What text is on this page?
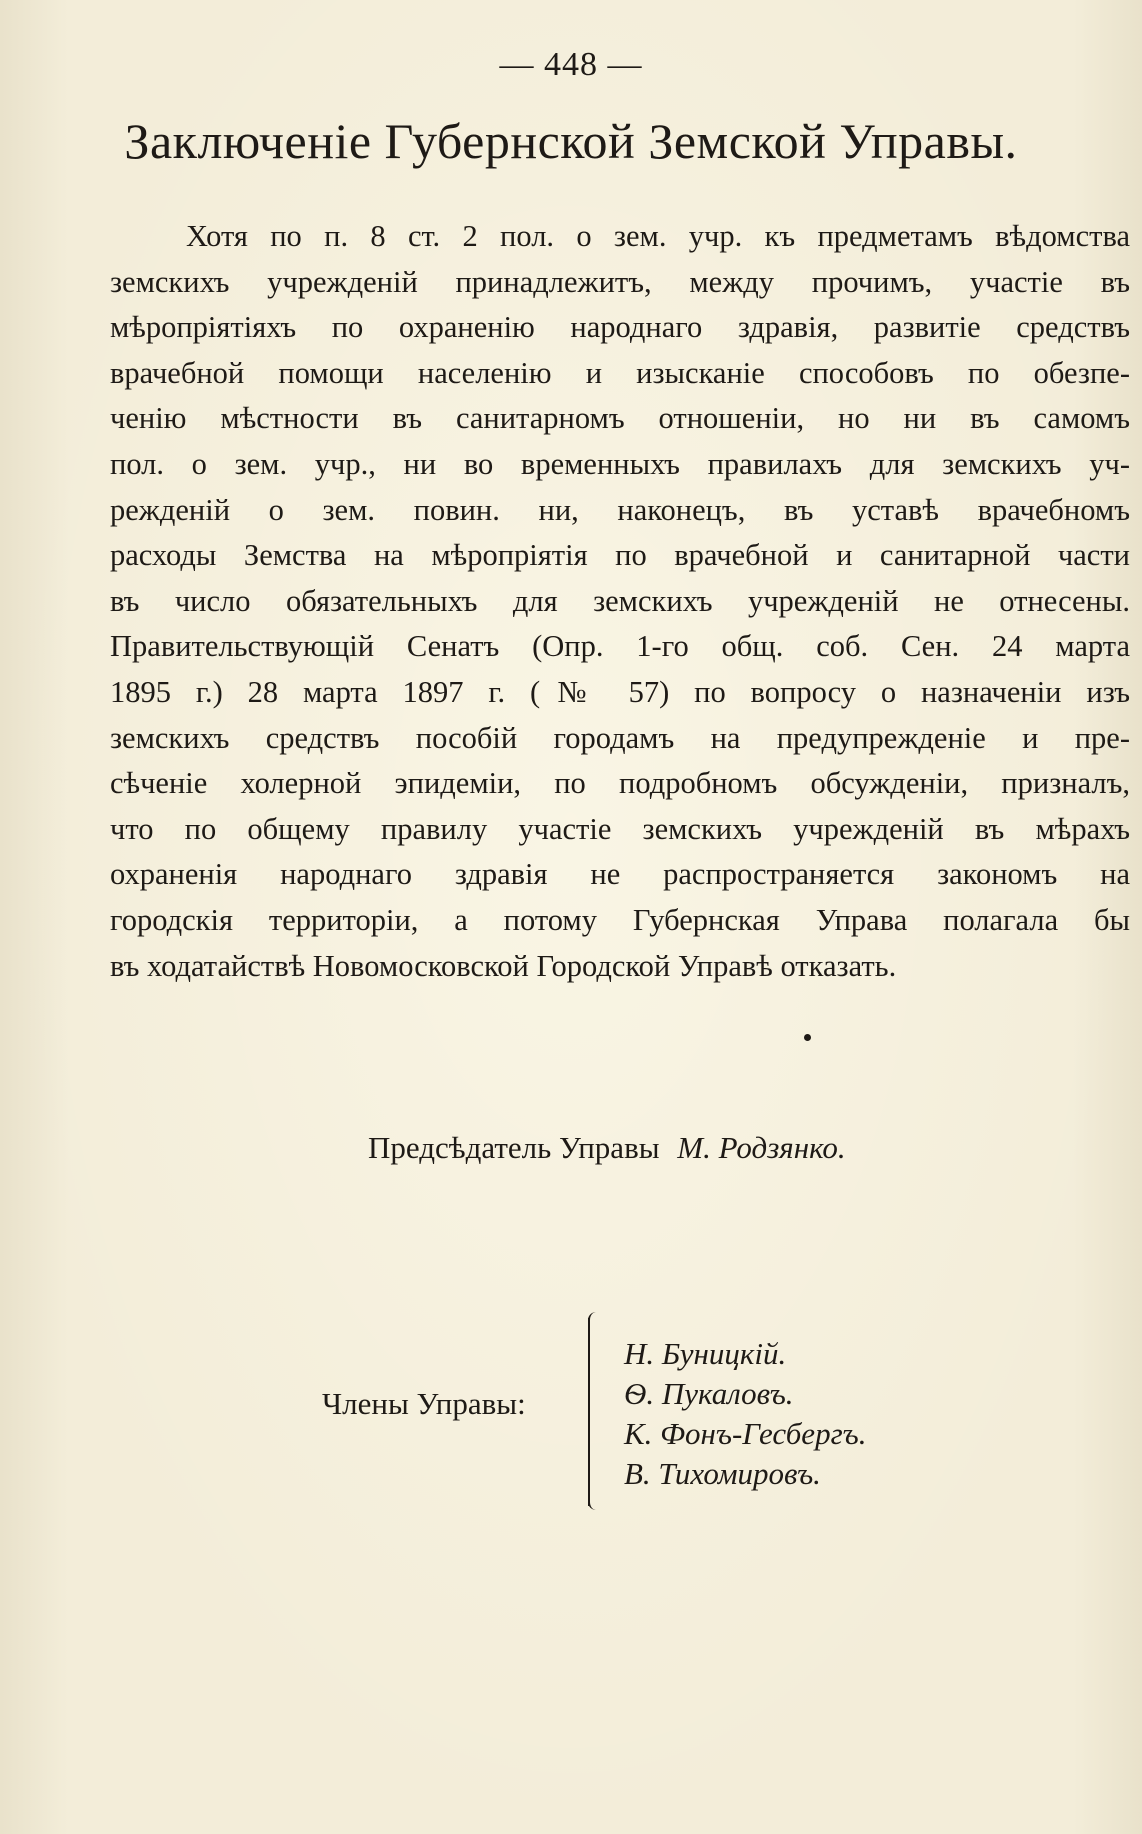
— 448 —
Заключеніе Губернской Земской Управы.
Хотя по п. 8 ст. 2 пол. о зем. учр. къ предметамъ вѣдомства
земскихъ учрежденій принадлежитъ, между прочимъ, участіе въ
мѣропріятіяхъ по охраненію народнаго здравія, развитіе средствъ
врачебной помощи населенію и изысканіе способовъ по обезпе-
ченію мѣстности въ санитарномъ отношеніи, но ни въ самомъ
пол. о зем. учр., ни во временныхъ правилахъ для земскихъ уч-
режденій о зем. повин. ни, наконецъ, въ уставѣ врачебномъ
расходы Земства на мѣропріятія по врачебной и санитарной части
въ число обязательныхъ для земскихъ учрежденій не отнесены.
Правительствующій Сенатъ (Опр. 1-го общ. соб. Сен. 24 марта
1895 г.) 28 марта 1897 г. (№ 57) по вопросу о назначеніи изъ
земскихъ средствъ пособій городамъ на предупрежденіе и пре-
сѣченіе холерной эпидеміи, по подробномъ обсужденіи, призналъ,
что по общему правилу участіе земскихъ учрежденій въ мѣрахъ
охраненія народнаго здравія не распространяется закономъ на
городскія территоріи, а потому Губернская Управа полагала бы
въ ходатайствѣ Новомосковской Городской Управѣ отказать.
Предсѣдатель Управы М. Родзянко.
Члены Управы:
Н. Буницкій.
Ѳ. Пукаловъ.
К. Фонъ-Гесбергъ.
В. Тихомировъ.
